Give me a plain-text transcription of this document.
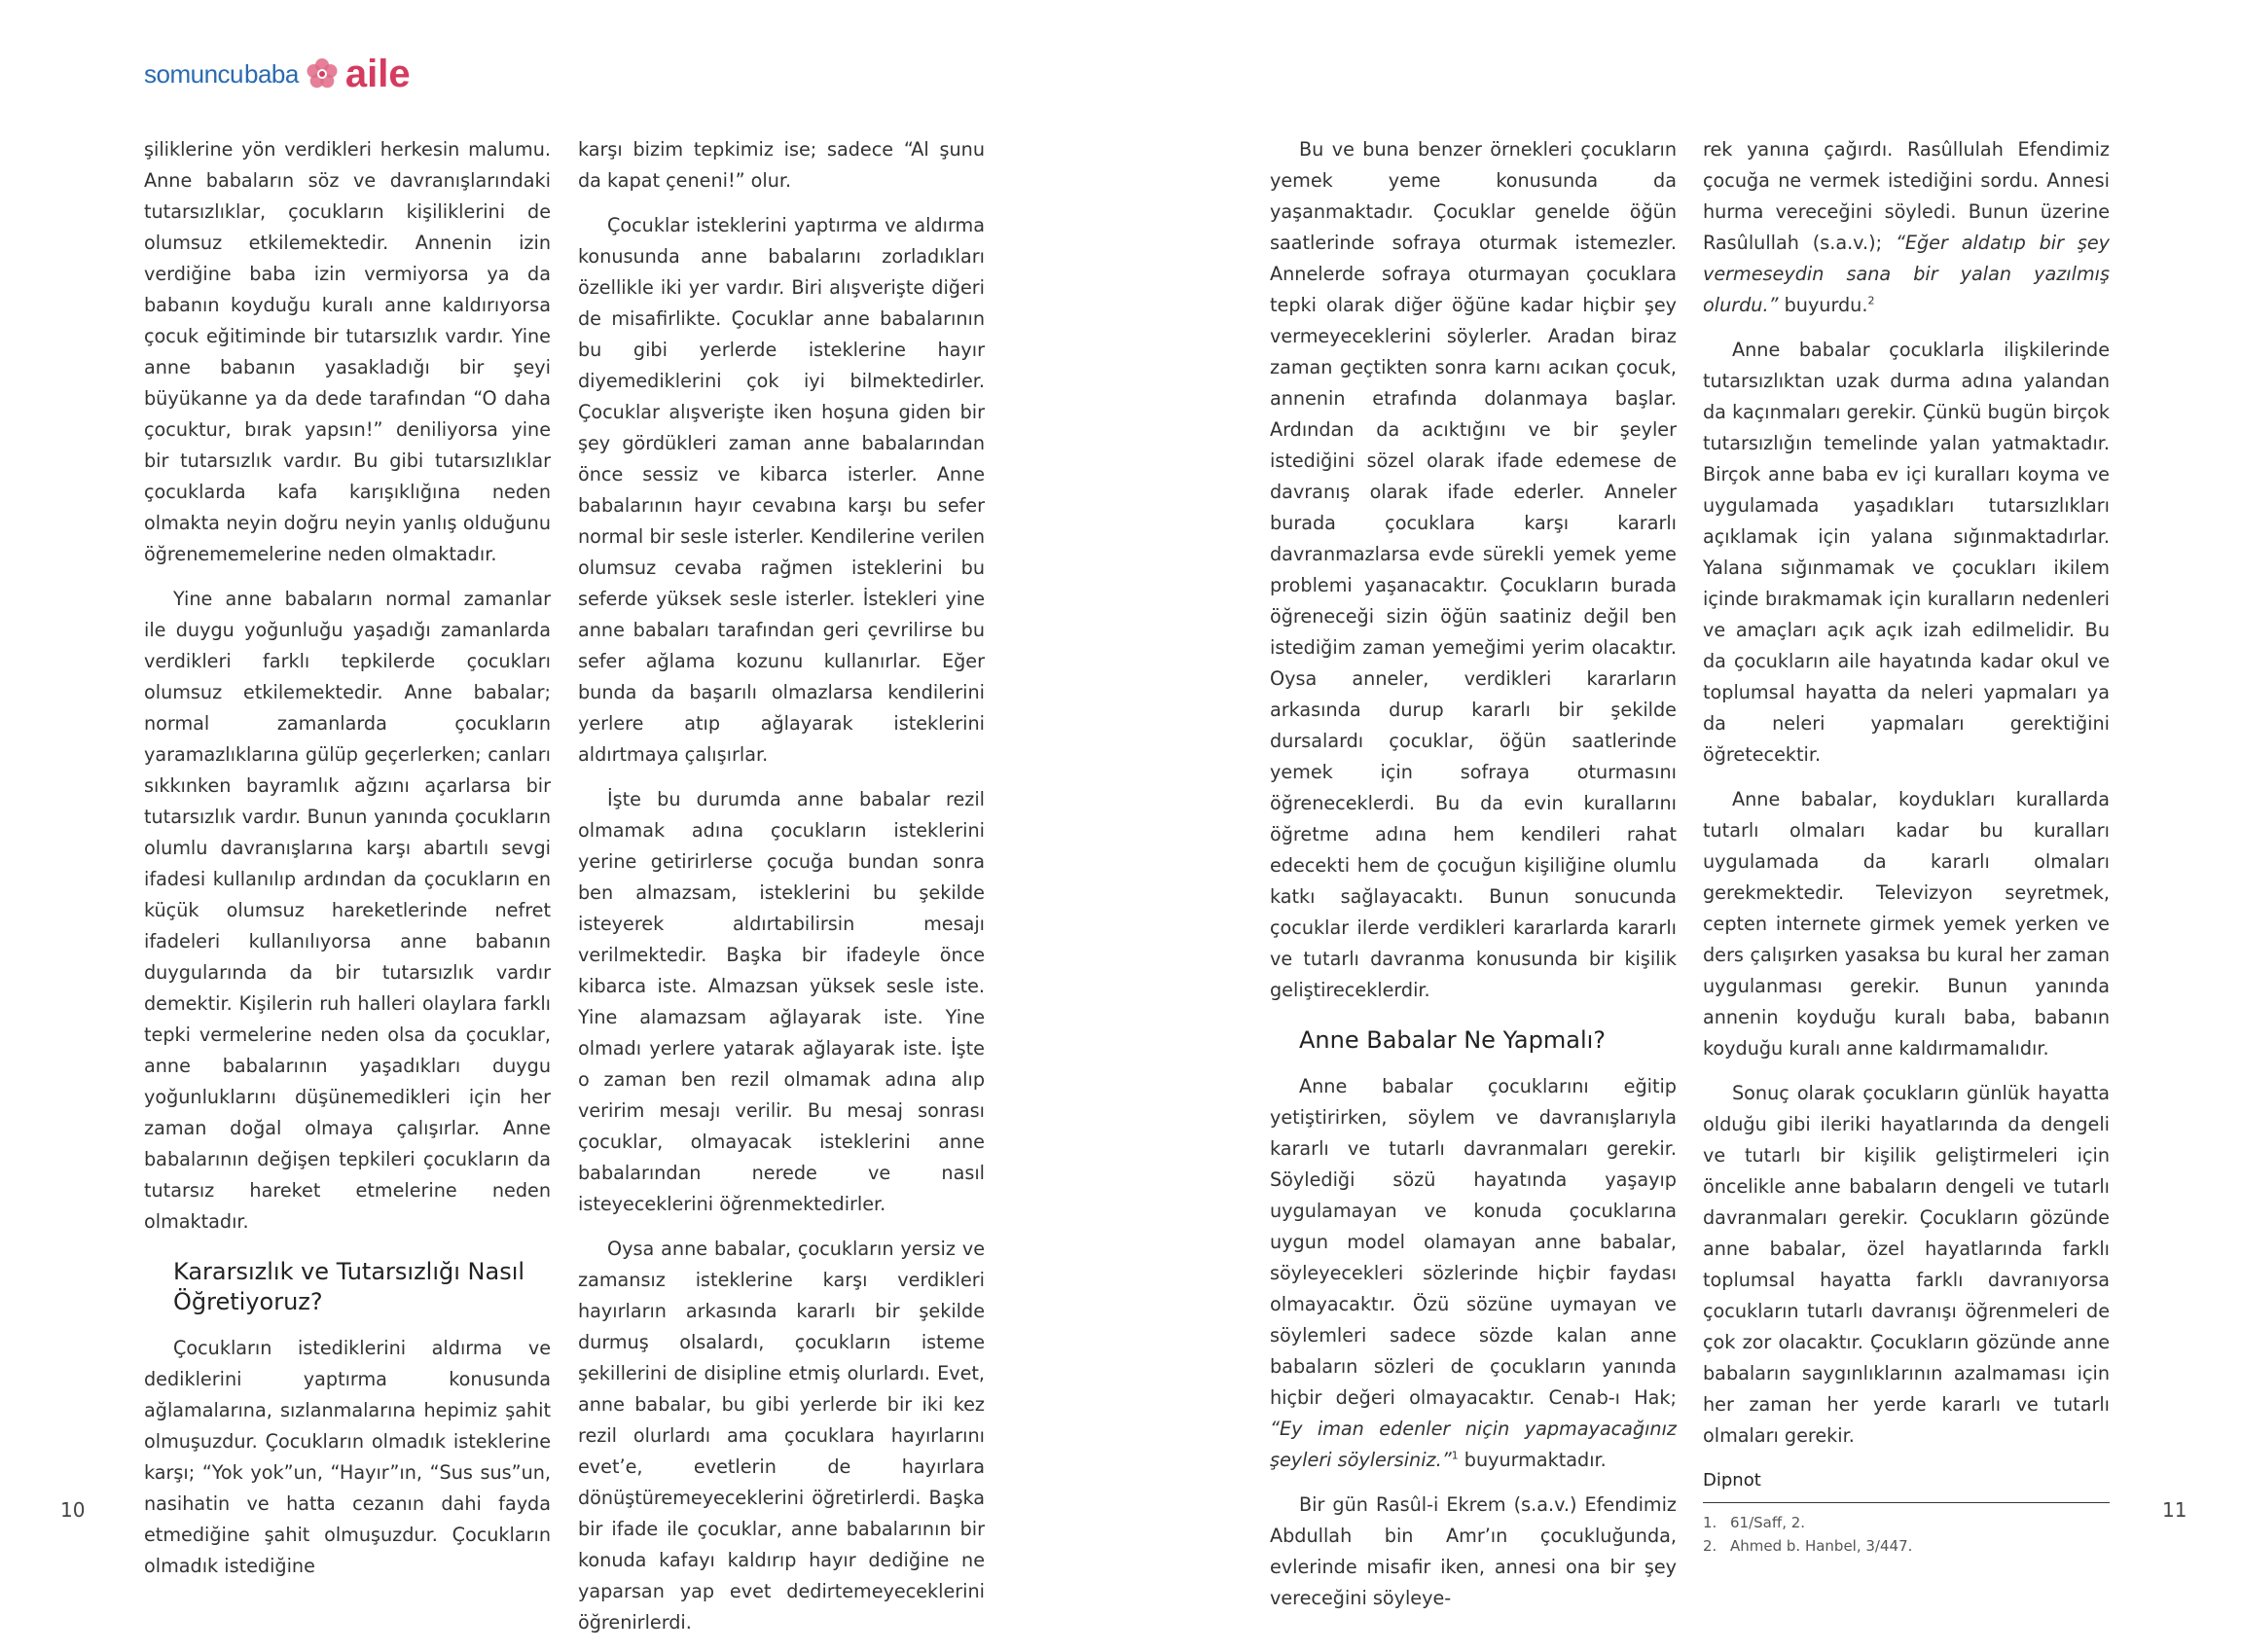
somuncu baba aile

şiliklerine yön verdikleri herkesin malumu. Anne babaların söz ve davranışlarındaki tutarsızlıklar, çocukların kişiliklerini de olumsuz etkilemektedir. Annenin izin verdiğine baba izin vermiyorsa ya da babanın koyduğu kuralı anne kaldırıyorsa çocuk eğitiminde bir tutarsızlık vardır. Yine anne babanın yasakladığı bir şeyi büyükanne ya da dede tarafından “O daha çocuktur, bırak yapsın!” deniliyorsa yine bir tutarsızlık vardır. Bu gibi tutarsızlıklar çocuklarda kafa karışıklığına neden olmakta neyin doğru neyin yanlış olduğunu öğrenememelerine neden olmaktadır.

Yine anne babaların normal zamanlar ile duygu yoğunluğu yaşadığı zamanlarda verdikleri farklı tepkilerde çocukları olumsuz etkilemektedir. Anne babalar; normal zamanlarda çocukların yaramazlıklarına gülüp geçerlerken; canları sıkkınken bayramlık ağzını açarlarsa bir tutarsızlık vardır. Bunun yanında çocukların olumlu davranışlarına karşı abartılı sevgi ifadesi kullanılıp ardından da çocukların en küçük olumsuz hareketlerinde nefret ifadeleri kullanılıyorsa anne babanın duygularında da bir tutarsızlık vardır demektir. Kişilerin ruh halleri olaylara farklı tepki vermelerine neden olsa da çocuklar, anne babalarının yaşadıkları duygu yoğunluklarını düşünemedikleri için her zaman doğal olmaya çalışırlar. Anne babalarının değişen tepkileri çocukların da tutarsız hareket etmelerine neden olmaktadır.

Kararsızlık ve Tutarsızlığı Nasıl Öğretiyoruz?

Çocukların istediklerini aldırma ve dediklerini yaptırma konusunda ağlamalarına, sızlanmalarına hepimiz şahit olmuşuzdur. Çocukların olmadık isteklerine karşı; “Yok yok”un, “Hayır”ın, “Sus sus”un, nasihatin ve hatta cezanın dahi fayda etmediğine şahit olmuşuzdur. Çocukların olmadık istediğine

karşı bizim tepkimiz ise; sadece “Al şunu da kapat çeneni!” olur.

Çocuklar isteklerini yaptırma ve aldırma konusunda anne babalarını zorladıkları özellikle iki yer vardır. Biri alışverişte diğeri de misafirlikte. Çocuklar anne babalarının bu gibi yerlerde isteklerine hayır diyemediklerini çok iyi bilmektedirler. Çocuklar alışverişte iken hoşuna giden bir şey gördükleri zaman anne babalarından önce sessiz ve kibarca isterler. Anne babalarının hayır cevabına karşı bu sefer normal bir sesle isterler. Kendilerine verilen olumsuz cevaba rağmen isteklerini bu seferde yüksek sesle isterler. İstekleri yine anne babaları tarafından geri çevrilirse bu sefer ağlama kozunu kullanırlar. Eğer bunda da başarılı olmazlarsa kendilerini yerlere atıp ağlayarak isteklerini aldırtmaya çalışırlar.

İşte bu durumda anne babalar rezil olmamak adına çocukların isteklerini yerine getirirlerse çocuğa bundan sonra ben almazsam, isteklerini bu şekilde isteyerek aldırtabilirsin mesajı verilmektedir. Başka bir ifadeyle önce kibarca iste. Almazsan yüksek sesle iste. Yine alamazsam ağlayarak iste. Yine olmadı yerlere yatarak ağlayarak iste. İşte o zaman ben rezil olmamak adına alıp veririm mesajı verilir. Bu mesaj sonrası çocuklar, olmayacak isteklerini anne babalarından nerede ve nasıl isteyeceklerini öğrenmektedirler.

Oysa anne babalar, çocukların yersiz ve zamansız isteklerine karşı verdikleri hayırların arkasında kararlı bir şekilde durmuş olsalardı, çocukların isteme şekillerini de disipline etmiş olurlardı. Evet, anne babalar, bu gibi yerlerde bir iki kez rezil olurlardı ama çocuklara hayırlarını evet’e, evetlerin de hayırlara dönüştüremeyeceklerini öğretirlerdi. Başka bir ifade ile çocuklar, anne babalarının bir konuda kafayı kaldırıp hayır dediğine ne yaparsan yap evet dedirtemeyeceklerini öğrenirlerdi.

Bu ve buna benzer örnekleri çocukların yemek yeme konusunda da yaşanmaktadır. Çocuklar genelde öğün saatlerinde sofraya oturmak istemezler. Annelerde sofraya oturmayan çocuklara tepki olarak diğer öğüne kadar hiçbir şey vermeyeceklerini söylerler. Aradan biraz zaman geçtikten sonra karnı acıkan çocuk, annenin etrafında dolanmaya başlar. Ardından da acıktığını ve bir şeyler istediğini sözel olarak ifade edemese de davranış olarak ifade ederler. Anneler burada çocuklara karşı kararlı davranmazlarsa evde sürekli yemek yeme problemi yaşanacaktır. Çocukların burada öğreneceği sizin öğün saatiniz değil ben istediğim zaman yemeğimi yerim olacaktır. Oysa anneler, verdikleri kararların arkasında durup kararlı bir şekilde dursalardı çocuklar, öğün saatlerinde yemek için sofraya oturmasını öğreneceklerdi. Bu da evin kurallarını öğretme adına hem kendileri rahat edecekti hem de çocuğun kişiliğine olumlu katkı sağlayacaktı. Bunun sonucunda çocuklar ilerde verdikleri kararlarda kararlı ve tutarlı davranma konusunda bir kişilik geliştireceklerdir.

Anne Babalar Ne Yapmalı?

Anne babalar çocuklarını eğitip yetiştirirken, söylem ve davranışlarıyla kararlı ve tutarlı davranmaları gerekir. Söylediği sözü hayatında yaşayıp uygulamayan ve konuda çocuklarına uygun model olamayan anne babalar, söyleyecekleri sözlerinde hiçbir faydası olmayacaktır. Özü sözüne uymayan ve söylemleri sadece sözde kalan anne babaların sözleri de çocukların yanında hiçbir değeri olmayacaktır. Cenab-ı Hak; “Ey iman edenler niçin yapmayacağınız şeyleri söylersiniz.”$^1$ buyurmaktadır.

Bir gün Rasûl-i Ekrem (s.a.v.) Efendimiz Abdullah bin Amr’ın çocukluğunda, evlerinde misafir iken, annesi ona bir şey vereceğini söyleye-

rek yanına çağırdı. Rasûllulah Efendimiz çocuğa ne vermek istediğini sordu. Annesi hurma vereceğini söyledi. Bunun üzerine Rasûlullah (s.a.v.); “Eğer aldatıp bir şey vermeseydin sana bir yalan yazılmış olurdu.” buyurdu.$^2$

Anne babalar çocuklarla ilişkilerinde tutarsızlıktan uzak durma adına yalandan da kaçınmaları gerekir. Çünkü bugün birçok tutarsızlığın temelinde yalan yatmaktadır. Birçok anne baba ev içi kuralları koyma ve uygulamada yaşadıkları tutarsızlıkları açıklamak için yalana sığınmaktadırlar. Yalana sığınmamak ve çocukları ikilem içinde bırakmamak için kuralların nedenleri ve amaçları açık açık izah edilmelidir. Bu da çocukların aile hayatında kadar okul ve toplumsal hayatta da neleri yapmaları ya da neleri yapmaları gerektiğini öğretecektir.

Anne babalar, koydukları kurallarda tutarlı olmaları kadar bu kuralları uygulamada da kararlı olmaları gerekmektedir. Televizyon seyretmek, cepten internete girmek yemek yerken ve ders çalışırken yasaksa bu kural her zaman uygulanması gerekir. Bunun yanında annenin koyduğu kuralı baba, babanın koyduğu kuralı anne kaldırmamalıdır.

Sonuç olarak çocukların günlük hayatta olduğu gibi ileriki hayatlarında da dengeli ve tutarlı bir kişilik geliştirmeleri için öncelikle anne babaların dengeli ve tutarlı davranmaları gerekir. Çocukların gözünde anne babalar, özel hayatlarında farklı toplumsal hayatta farklı davranıyorsa çocukların tutarlı davranışı öğrenmeleri de çok zor olacaktır. Çocukların gözünde anne babaların saygınlıklarının azalmaması için her zaman her yerde kararlı ve tutarlı olmaları gerekir.

Dipnot
1. 61/Saff, 2.
2. Ahmed b. Hanbel, 3/447.
10	11
